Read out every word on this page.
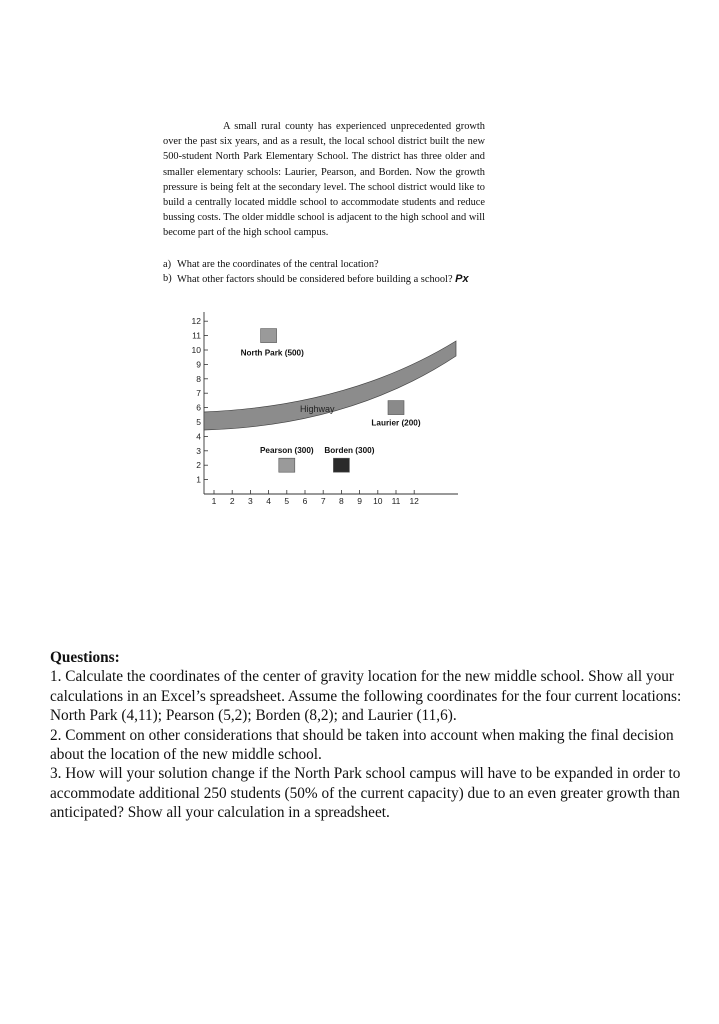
A small rural county has experienced unprecedented growth over the past six years, and as a result, the local school district built the new 500-student North Park Elementary School. The district has three older and smaller elementary schools: Laurier, Pearson, and Borden. Now the growth pressure is being felt at the secondary level. The school district would like to build a centrally located middle school to accommodate students and reduce bussing costs. The older middle school is adjacent to the high school and will become part of the high school campus.

a) What are the coordinates of the central location?
b) What other factors should be considered before building a school? Px
1
2
3
4
5
6
7
8
9
10
11
12
1 2 3 4 5 6 7 8 9 10 11 12
Highway
North Park (500)
Pearson (300) Borden (300)
Laurier (200)

Questions:

1. Calculate the coordinates of the center of gravity location for the new middle school. Show all your calculations in an Excel’s spreadsheet. Assume the following coordinates for the four current locations: North Park (4,11); Pearson (5,2); Borden (8,2); and Laurier (11,6).

2. Comment on other considerations that should be taken into account when making the final decision about the location of the new middle school.

3. How will your solution change if the North Park school campus will have to be expanded in order to accommodate additional 250 students (50% of the current capacity) due to an even greater growth than anticipated? Show all your calculation in a spreadsheet.
